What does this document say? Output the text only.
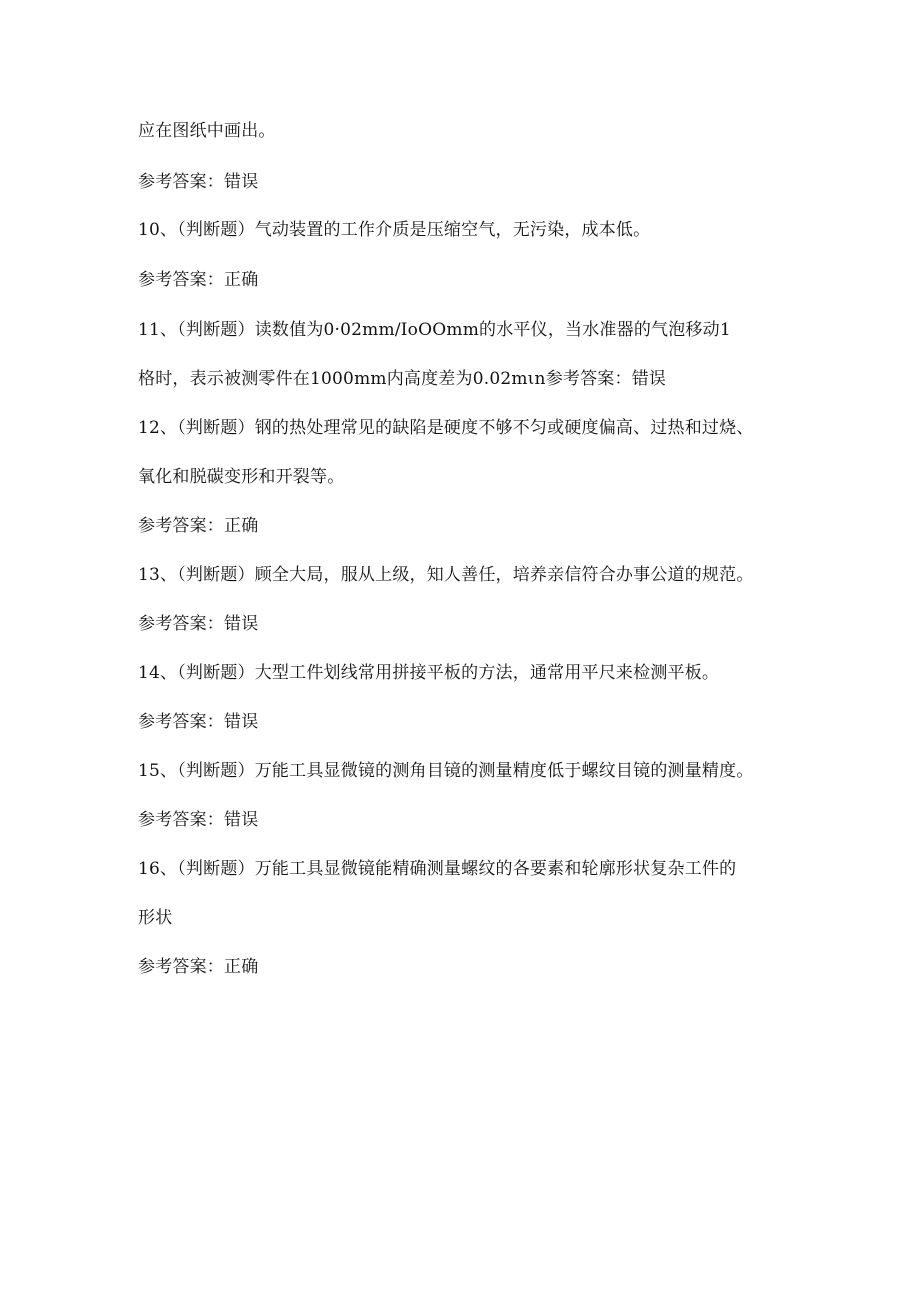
应在图纸中画出。
参考答案：错误
10、（判断题）气动装置的工作介质是压缩空气，无污染，成本低。
参考答案：正确
11、（判断题）读数值为0·02mm/IoOOmm的水平仪，当水准器的气泡移动1
格时，表示被测零件在1000mm内高度差为0.02mιn参考答案：错误
12、（判断题）钢的热处理常见的缺陷是硬度不够不匀或硬度偏高、过热和过烧、
氧化和脱碳变形和开裂等。
参考答案：正确
13、（判断题）顾全大局，服从上级，知人善任，培养亲信符合办事公道的规范。
参考答案：错误
14、（判断题）大型工件划线常用拼接平板的方法，通常用平尺来检测平板。
参考答案：错误
15、（判断题）万能工具显微镜的测角目镜的测量精度低于螺纹目镜的测量精度。
参考答案：错误
16、（判断题）万能工具显微镜能精确测量螺纹的各要素和轮廓形状复杂工件的
形状
参考答案：正确
